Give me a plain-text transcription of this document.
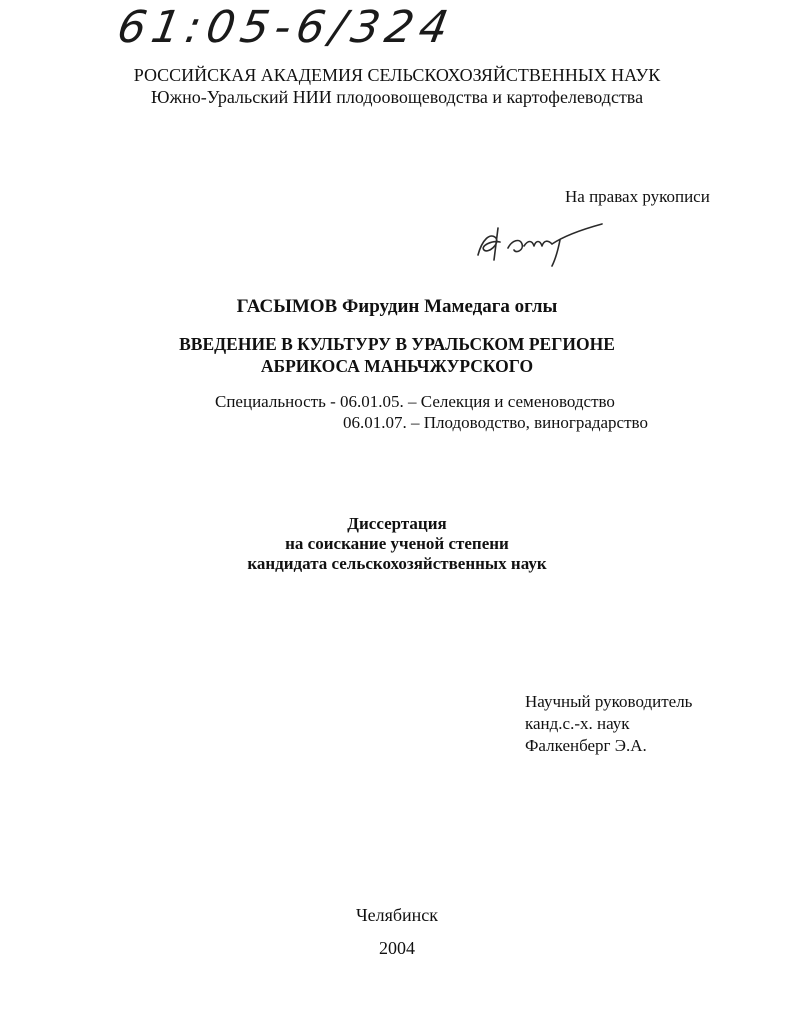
61:05-6/324
РОССИЙСКАЯ АКАДЕМИЯ СЕЛЬСКОХОЗЯЙСТВЕННЫХ НАУК
Южно-Уральский НИИ плодоовощеводства и картофелеводства
На правах рукописи
ГАСЫМОВ Фирудин Мамедага оглы
ВВЕДЕНИЕ В КУЛЬТУРУ В УРАЛЬСКОМ РЕГИОНЕ
АБРИКОСА МАНЬЧЖУРСКОГО
Специальность - 06.01.05. – Селекция и семеноводство
06.01.07. – Плодоводство, виноградарство
Диссертация
на соискание ученой степени
кандидата сельскохозяйственных наук
Научный руководитель
канд.с.-х. наук
Фалкенберг Э.А.
Челябинск
2004
